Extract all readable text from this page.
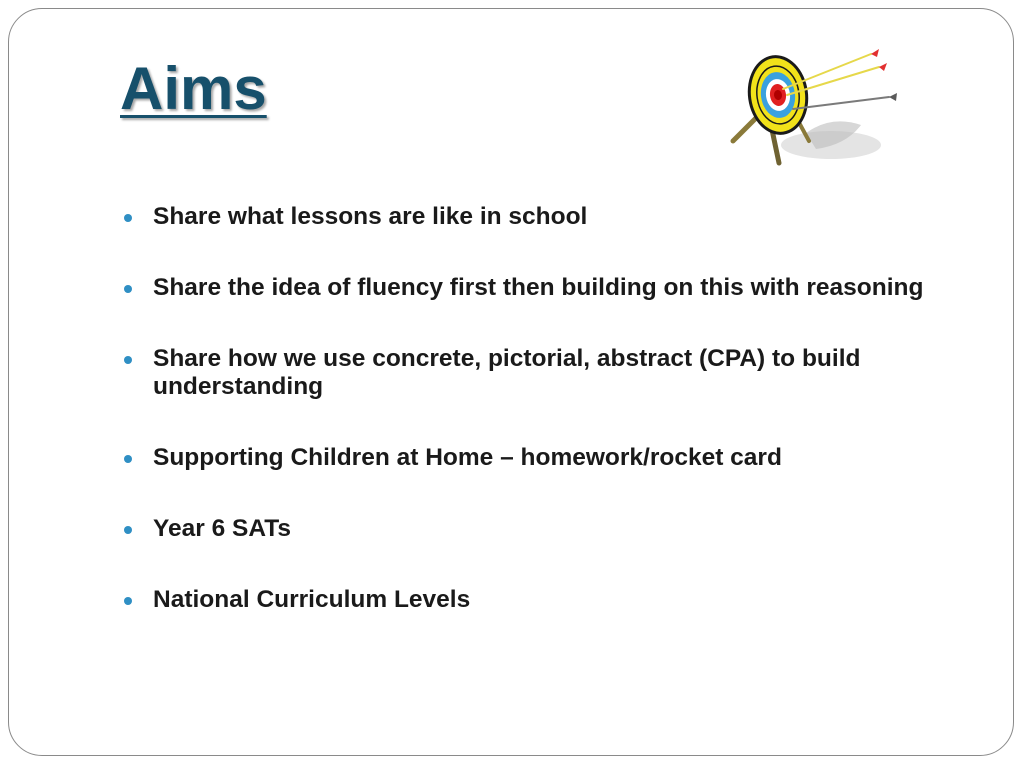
Aims
Share what lessons are like in school
Share the idea of fluency first then building on this with reasoning
Share how we use concrete, pictorial, abstract (CPA) to build understanding
Supporting Children at Home – homework/rocket card
Year 6 SATs
National Curriculum Levels
